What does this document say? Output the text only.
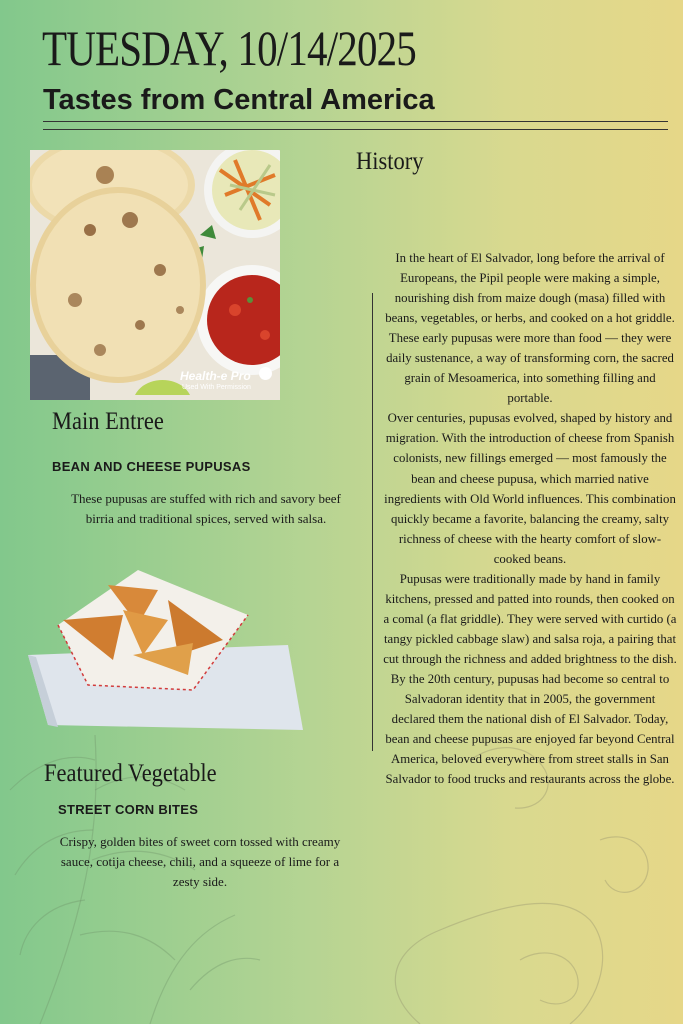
TUESDAY, 10/14/2025
Tastes from Central America
Health-e Pro
Used With Permission
History
Main Entree
BEAN AND CHEESE PUPUSAS
These pupusas are stuffed with rich and savory beef birria and traditional spices, served with salsa.
Featured Vegetable
STREET CORN BITES
Crispy, golden bites of sweet corn tossed with creamy sauce, cotija cheese, chili, and a squeeze of lime for a zesty side.

In the heart of El Salvador, long before the arrival of Europeans, the Pipil people were making a simple, nourishing dish from maize dough (masa) filled with beans, vegetables, or herbs, and cooked on a hot griddle. These early pupusas were more than food — they were daily sustenance, a way of transforming corn, the sacred grain of Mesoamerica, into something filling and portable.

Over centuries, pupusas evolved, shaped by history and migration. With the introduction of cheese from Spanish colonists, new fillings emerged — most famously the bean and cheese pupusa, which married native ingredients with Old World influences. This combination quickly became a favorite, balancing the creamy, salty richness of cheese with the hearty comfort of slow-cooked beans.

Pupusas were traditionally made by hand in family kitchens, pressed and patted into rounds, then cooked on a comal (a flat griddle). They were served with curtido (a tangy pickled cabbage slaw) and salsa roja, a pairing that cut through the richness and added brightness to the dish.

By the 20th century, pupusas had become so central to Salvadoran identity that in 2005, the government declared them the national dish of El Salvador. Today, bean and cheese pupusas are enjoyed far beyond Central America, beloved everywhere from street stalls in San Salvador to food trucks and restaurants across the globe.
